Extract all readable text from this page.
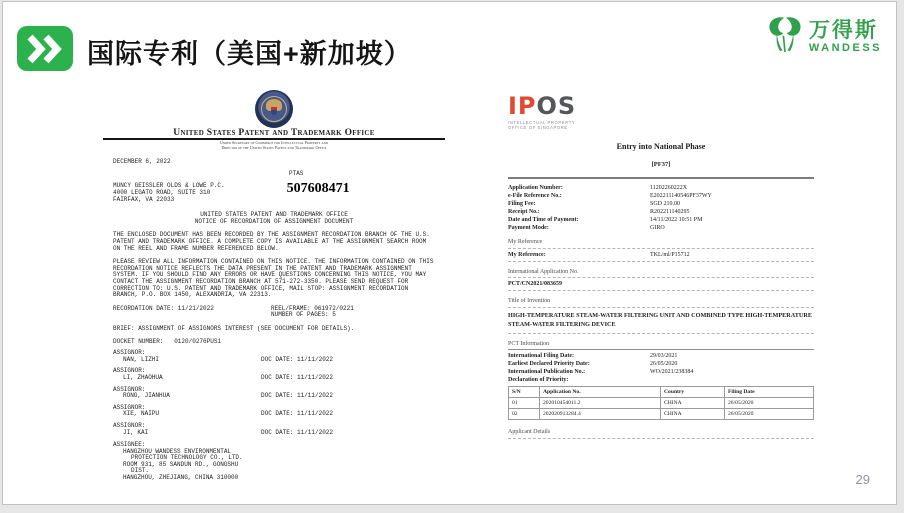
国际专利（美国+新加坡）
万得斯
WANDESS
United States Patent and Trademark Office
Under Secretary of Commerce for Intellectual Property and
Director of the United States Patent and Trademark Office
DECEMBER 6, 2022
PTAS
MUNCY GEISSLER OLDS & LOWE P.C.
4000 LEGATO ROAD, SUITE 310
FAIRFAX, VA 22033
507608471
UNITED STATES PATENT AND TRADEMARK OFFICE
NOTICE OF RECORDATION OF ASSIGNMENT DOCUMENT
THE ENCLOSED DOCUMENT HAS BEEN RECORDED BY THE ASSIGNMENT RECORDATION BRANCH OF THE U.S. PATENT AND TRADEMARK OFFICE. A COMPLETE COPY IS AVAILABLE AT THE ASSIGNMENT SEARCH ROOM ON THE REEL AND FRAME NUMBER REFERENCED BELOW.
PLEASE REVIEW ALL INFORMATION CONTAINED ON THIS NOTICE. THE INFORMATION CONTAINED ON THIS RECORDATION NOTICE REFLECTS THE DATA PRESENT IN THE PATENT AND TRADEMARK ASSIGNMENT SYSTEM. IF YOU SHOULD FIND ANY ERRORS OR HAVE QUESTIONS CONCERNING THIS NOTICE, YOU MAY CONTACT THE ASSIGNMENT RECORDATION BRANCH AT 571-272-3350. PLEASE SEND REQUEST FOR CORRECTION TO: U.S. PATENT AND TRADEMARK OFFICE, MAIL STOP: ASSIGNMENT RECORDATION BRANCH, P.O. BOX 1450, ALEXANDRIA, VA 22313.
RECORDATION DATE: 11/21/2022	REEL/FRAME: 061972/0221
NUMBER OF PAGES: 5
BRIEF: ASSIGNMENT OF ASSIGNORS INTEREST (SEE DOCUMENT FOR DETAILS).
DOCKET NUMBER:   0120/0276PUS1
ASSIGNOR:
NAN, LIZHI	DOC DATE: 11/11/2022
ASSIGNOR:
LI, ZHAOHUA	DOC DATE: 11/11/2022
ASSIGNOR:
RONG, JIANHUA	DOC DATE: 11/11/2022
ASSIGNOR:
XIE, NAIPU	DOC DATE: 11/11/2022
ASSIGNOR:
JI, KAI	DOC DATE: 11/11/2022
ASSIGNEE:
HANGZHOU WANDESS ENVIRONMENTAL
PROTECTION TECHNOLOGY CO., LTD.
ROOM 931, 85 SANDUN RD., GONGSHU
DIST.
HANGZHOU, ZHEJIANG, CHINA 310000
IPOS
INTELLECTUAL PROPERTY
OFFICE OF SINGAPORE
Entry into National Phase
[PF37]
Application Number:	11202260222X
e-File Reference No.:	E202211140546PF37WY
Filing Fee:	SGD 210.00
Receipt No.:	R202211140295
Date and Time of Payment:	14/11/2022 10:51 PM
Payment Mode:	GIRO
My Reference
My Reference:	TKL/ml/P15712
International Application No.
PCT/CN2021/083659
Title of Invention
HIGH-TEMPERATURE STEAM-WATER FILTERING UNIT AND COMBINED TYPE HIGH-TEMPERATURE STEAM-WATER FILTERING DEVICE
PCT Information
International Filing Date:	29/03/2021
Earliest Declared Priority Date:	26/05/2020
International Publication No.:	WO/2021/238384
Declaration of Priority:
S/N	Application No.	Country	Filing Date
01	202010454011.2	CHINA	26/05/2020
02	202020913284.4	CHINA	26/05/2020
Applicant Details
29
